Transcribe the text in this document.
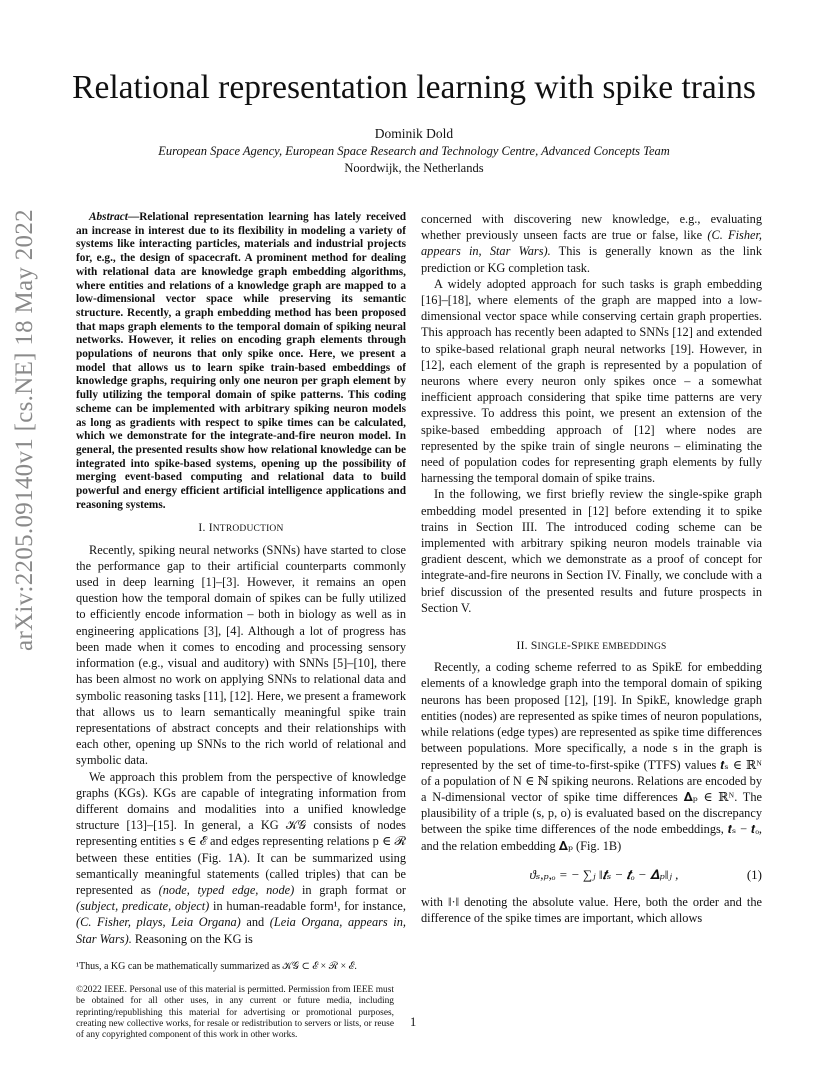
arXiv:2205.09140v1 [cs.NE] 18 May 2022
Relational representation learning with spike trains
Dominik Dold
European Space Agency, European Space Research and Technology Centre, Advanced Concepts Team
Noordwijk, the Netherlands

Abstract—Relational representation learning has lately received an increase in interest due to its flexibility in modeling a variety of systems like interacting particles, materials and industrial projects for, e.g., the design of spacecraft. A prominent method for dealing with relational data are knowledge graph embedding algorithms, where entities and relations of a knowledge graph are mapped to a low-dimensional vector space while preserving its semantic structure. Recently, a graph embedding method has been proposed that maps graph elements to the temporal domain of spiking neural networks. However, it relies on encoding graph elements through populations of neurons that only spike once. Here, we present a model that allows us to learn spike train-based embeddings of knowledge graphs, requiring only one neuron per graph element by fully utilizing the temporal domain of spike patterns. This coding scheme can be implemented with arbitrary spiking neuron models as long as gradients with respect to spike times can be calculated, which we demonstrate for the integrate-and-fire neuron model. In general, the presented results show how relational knowledge can be integrated into spike-based systems, opening up the possibility of merging event-based computing and relational data to build powerful and energy efficient artificial intelligence applications and reasoning systems.

I. INTRODUCTION

Recently, spiking neural networks (SNNs) have started to close the performance gap to their artificial counterparts commonly used in deep learning [1]–[3]. However, it remains an open question how the temporal domain of spikes can be fully utilized to efficiently encode information – both in biology as well as in engineering applications [3], [4]. Although a lot of progress has been made when it comes to encoding and processing sensory information (e.g., visual and auditory) with SNNs [5]–[10], there has been almost no work on applying SNNs to relational data and symbolic reasoning tasks [11], [12]. Here, we present a framework that allows us to learn semantically meaningful spike train representations of abstract concepts and their relationships with each other, opening up SNNs to the rich world of relational and symbolic data.

We approach this problem from the perspective of knowledge graphs (KGs). KGs are capable of integrating information from different domains and modalities into a unified knowledge structure [13]–[15]. In general, a KG 𝒦𝒢 consists of nodes representing entities s ∈ ℰ and edges representing relations p ∈ ℛ between these entities (Fig. 1A). It can be summarized using semantically meaningful statements (called triples) that can be represented as (node, typed edge, node) in graph format or (subject, predicate, object) in human-readable form¹, for instance, (C. Fisher, plays, Leia Organa) and (Leia Organa, appears in, Star Wars). Reasoning on the KG is

¹Thus, a KG can be mathematically summarized as 𝒦𝒢 ⊂ ℰ × ℛ × ℰ.
©2022 IEEE. Personal use of this material is permitted. Permission from IEEE must be obtained for all other uses, in any current or future media, including reprinting/republishing this material for advertising or promotional purposes, creating new collective works, for resale or redistribution to servers or lists, or reuse of any copyrighted component of this work in other works.
1

concerned with discovering new knowledge, e.g., evaluating whether previously unseen facts are true or false, like (C. Fisher, appears in, Star Wars). This is generally known as the link prediction or KG completion task.

A widely adopted approach for such tasks is graph embedding [16]–[18], where elements of the graph are mapped into a low-dimensional vector space while conserving certain graph properties. This approach has recently been adapted to SNNs [12] and extended to spike-based relational graph neural networks [19]. However, in [12], each element of the graph is represented by a population of neurons where every neuron only spikes once – a somewhat inefficient approach considering that spike time patterns are very expressive. To address this point, we present an extension of the spike-based embedding approach of [12] where nodes are represented by the spike train of single neurons – eliminating the need of population codes for representing graph elements by fully harnessing the temporal domain of spike trains.

In the following, we first briefly review the single-spike graph embedding model presented in [12] before extending it to spike trains in Section III. The introduced coding scheme can be implemented with arbitrary spiking neuron models trainable via gradient descent, which we demonstrate as a proof of concept for integrate-and-fire neurons in Section IV. Finally, we conclude with a brief discussion of the presented results and future prospects in Section V.

II. SINGLE-SPIKE EMBEDDINGS

Recently, a coding scheme referred to as SpikE for embedding elements of a knowledge graph into the temporal domain of spiking neurons has been proposed [12], [19]. In SpikE, knowledge graph entities (nodes) are represented as spike times of neuron populations, while relations (edge types) are represented as spike time differences between populations. More specifically, a node s in the graph is represented by the set of time-to-first-spike (TTFS) values 𝒕ₛ ∈ ℝᴺ of a population of N ∈ ℕ spiking neurons. Relations are encoded by a N-dimensional vector of spike time differences 𝚫ₚ ∈ ℝᴺ. The plausibility of a triple (s, p, o) is evaluated based on the discrepancy between the spike time differences of the node embeddings, 𝒕ₛ − 𝒕ₒ, and the relation embedding 𝚫ₚ (Fig. 1B)

ϑₛ,ₚ,ₒ = − ∑ⱼ ‖𝒕ₛ − 𝒕ₒ − 𝚫ₚ‖ⱼ ,	(1)

with ‖·‖ denoting the absolute value. Here, both the order and the difference of the spike times are important, which allows
